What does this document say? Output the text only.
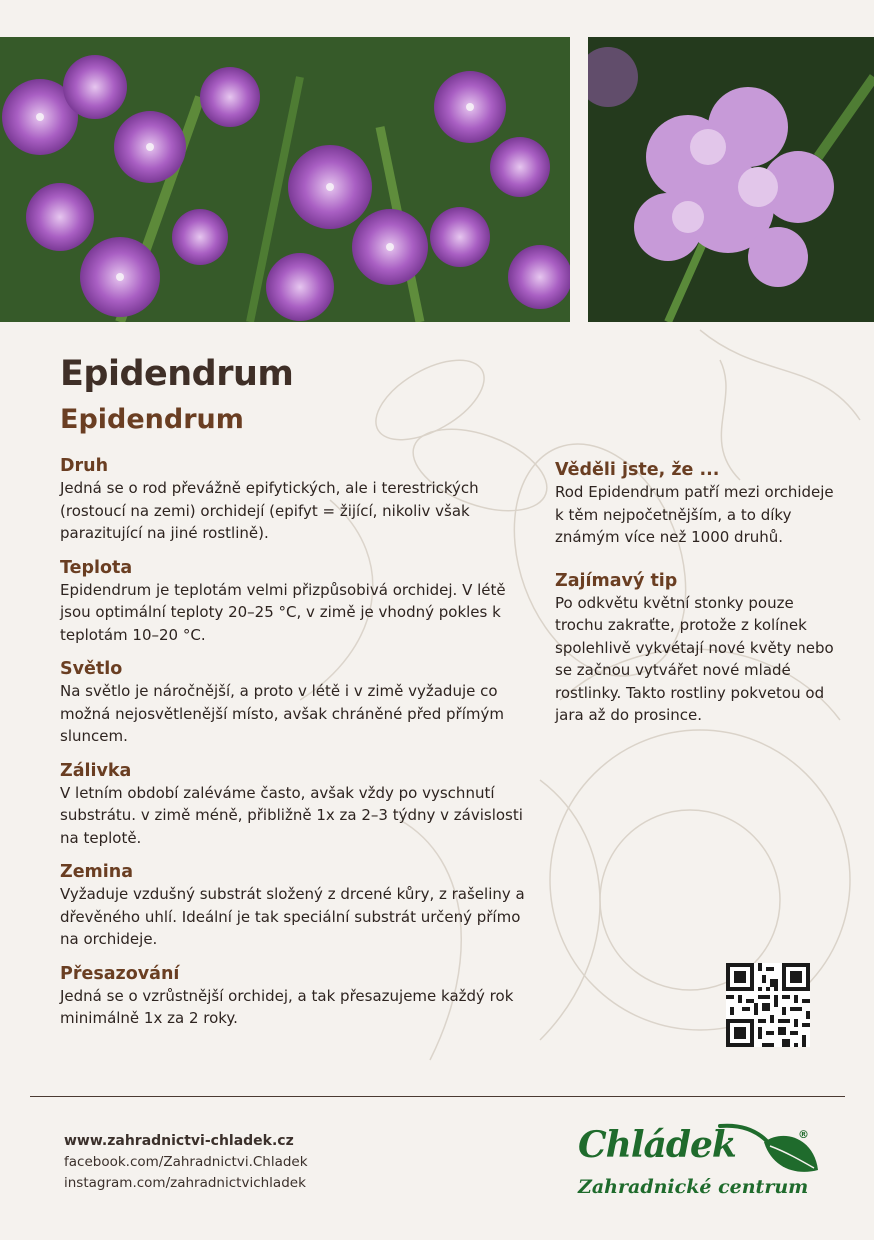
Epidendrum
Epidendrum
Druh

Jedná se o rod převážně epifytických, ale i terestrických (rostoucí na zemi) orchidejí (epifyt = žijící, nikoliv však parazitující na jiné rostlině).

Teplota

Epidendrum je teplotám velmi přizpůsobivá orchidej. V létě jsou optimální teploty 20–25 °C, v zimě je vhodný pokles k teplotám 10–20 °C.

Světlo

Na světlo je náročnější, a proto v létě i v zimě vyžaduje co možná nejosvětlenější místo, avšak chráněné před přímým sluncem.

Zálivka

V letním období zaléváme často, avšak vždy po vyschnutí substrátu. v zimě méně, přibližně 1x za 2–3 týdny v závislosti na teplotě.

Zemina

Vyžaduje vzdušný substrát složený z drcené kůry, z rašeliny a dřevěného uhlí. Ideální je tak speciální substrát určený přímo na orchideje.

Přesazování

Jedná se o vzrůstnější orchidej, a tak přesazujeme každý rok minimálně 1x za 2 roky.

Věděli jste, že ...

Rod Epidendrum patří mezi orchideje k těm nejpočetnějším, a to díky známým více než 1000 druhů.

Zajímavý tip

Po odkvětu květní stonky pouze trochu zakraťte, protože z kolínek spolehlivě vykvétají nové květy nebo se začnou vytvářet nové mladé rostlinky. Takto rostliny pokvetou od jara až do prosince.

www.zahradnictvi-chladek.cz
facebook.com/Zahradnictvi.Chladek
instagram.com/zahradnictvichladek
Chládek	®
Zahradnické centrum
